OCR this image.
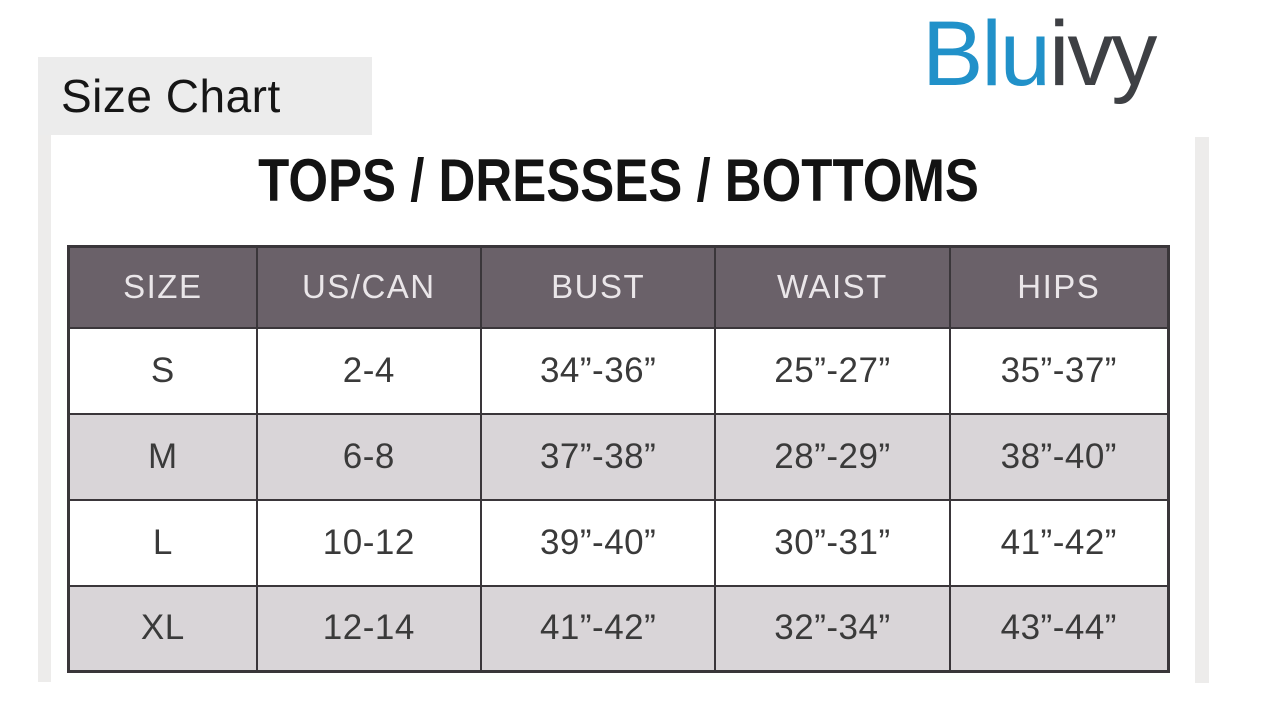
Size Chart	Bluivy
TOPS / DRESSES / BOTTOMS
SIZE	US/CAN	BUST	WAIST	HIPS
S	2-4	34”-36”	25”-27”	35”-37”
M	6-8	37”-38”	28”-29”	38”-40”
L	10-12	39”-40”	30”-31”	41”-42”
XL	12-14	41”-42”	32”-34”	43”-44”
